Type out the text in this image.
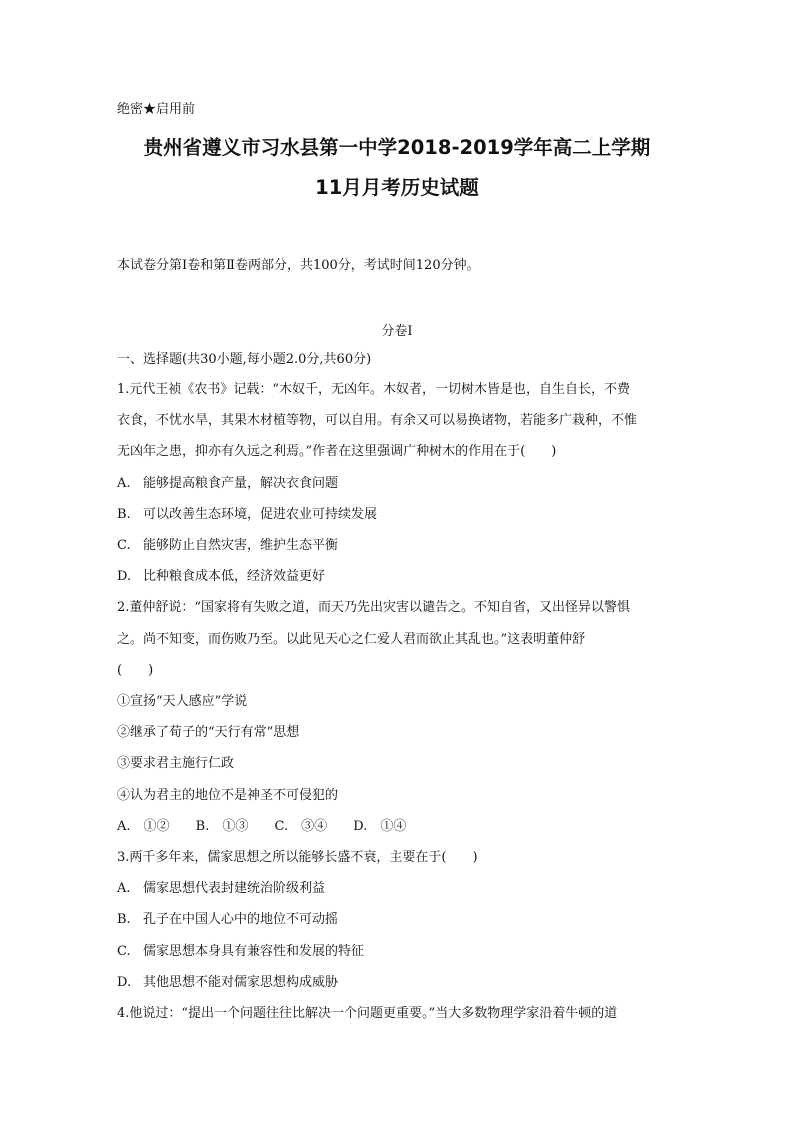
绝密★启用前
贵州省遵义市习水县第一中学2018-2019学年高二上学期
11月月考历史试题
本试卷分第Ⅰ卷和第Ⅱ卷两部分，共100分，考试时间120分钟。
分卷I
一、选择题(共30小题,每小题2.0分,共60分)
1.元代王祯《农书》记载：“木奴千，无凶年。木奴者，一切树木皆是也，自生自长，不费
衣食，不忧水旱，其果木材植等物，可以自用。有余又可以易换诸物，若能多广栽种，不惟
无凶年之患，抑亦有久远之利焉。”作者在这里强调广种树木的作用在于(　　)
A. 能够提高粮食产量，解决衣食问题
B. 可以改善生态环境，促进农业可持续发展
C. 能够防止自然灾害，维护生态平衡
D. 比种粮食成本低，经济效益更好
2.董仲舒说：“国家将有失败之道，而天乃先出灾害以谴告之。不知自省，又出怪异以警惧
之。尚不知变，而伤败乃至。以此见天心之仁爱人君而欲止其乱也。”这表明董仲舒
(　　)
①宣扬“天人感应”学说
②继承了荀子的“天行有常”思想
③要求君主施行仁政
④认为君主的地位不是神圣不可侵犯的
A.　①② B.　①③ C.　③④ D.　①④
3.两千多年来，儒家思想之所以能够长盛不衰，主要在于(　　)
A. 儒家思想代表封建统治阶级利益
B. 孔子在中国人心中的地位不可动摇
C. 儒家思想本身具有兼容性和发展的特征
D. 其他思想不能对儒家思想构成威胁
4.他说过：“提出一个问题往往比解决一个问题更重要。”当大多数物理学家沿着牛顿的道
